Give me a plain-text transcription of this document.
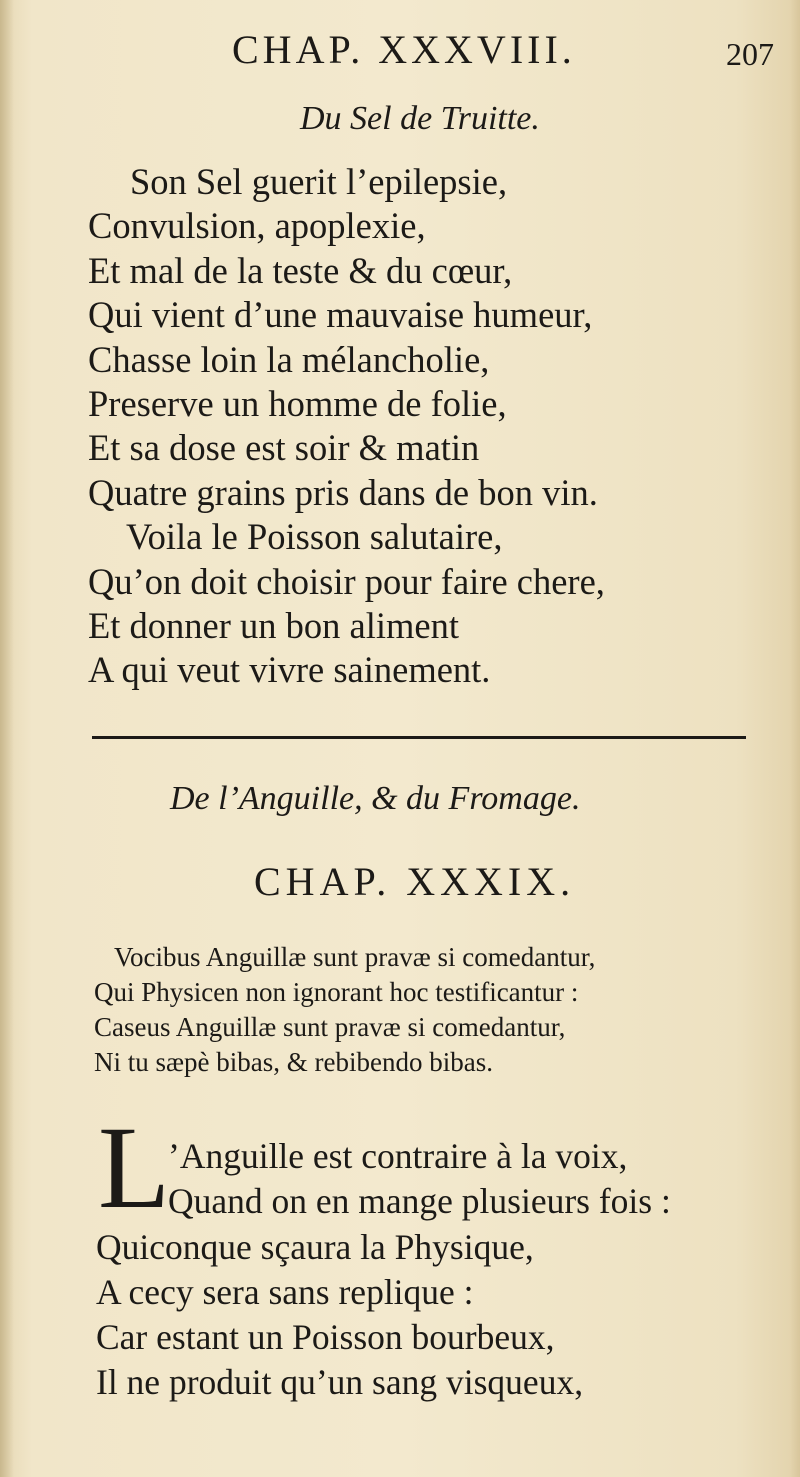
CHAP. XXXVIII.	207
Du Sel de Truitte.
Son Sel guerit l’epilepsie,
Convulsion, apoplexie,
Et mal de la teste & du cœur,
Qui vient d’une mauvaise humeur,
Chasse loin la mélancholie,
Preserve un homme de folie,
Et sa dose est soir & matin
Quatre grains pris dans de bon vin.
Voila le Poisson salutaire,
Qu’on doit choisir pour faire chere,
Et donner un bon aliment
A qui veut vivre sainement.
De l’Anguille, & du Fromage.
CHAP. XXXIX.
Vocibus Anguillæ sunt pravæ si comedantur,
Qui Physicen non ignorant hoc testificantur :
Caseus Anguillæ sunt pravæ si comedantur,
Ni tu sæpè bibas, & rebibendo bibas.
L
’Anguille est contraire à la voix,
Quand on en mange plusieurs fois :
Quiconque sçaura la Physique,
A cecy sera sans replique :
Car estant un Poisson bourbeux,
Il ne produit qu’un sang visqueux,
